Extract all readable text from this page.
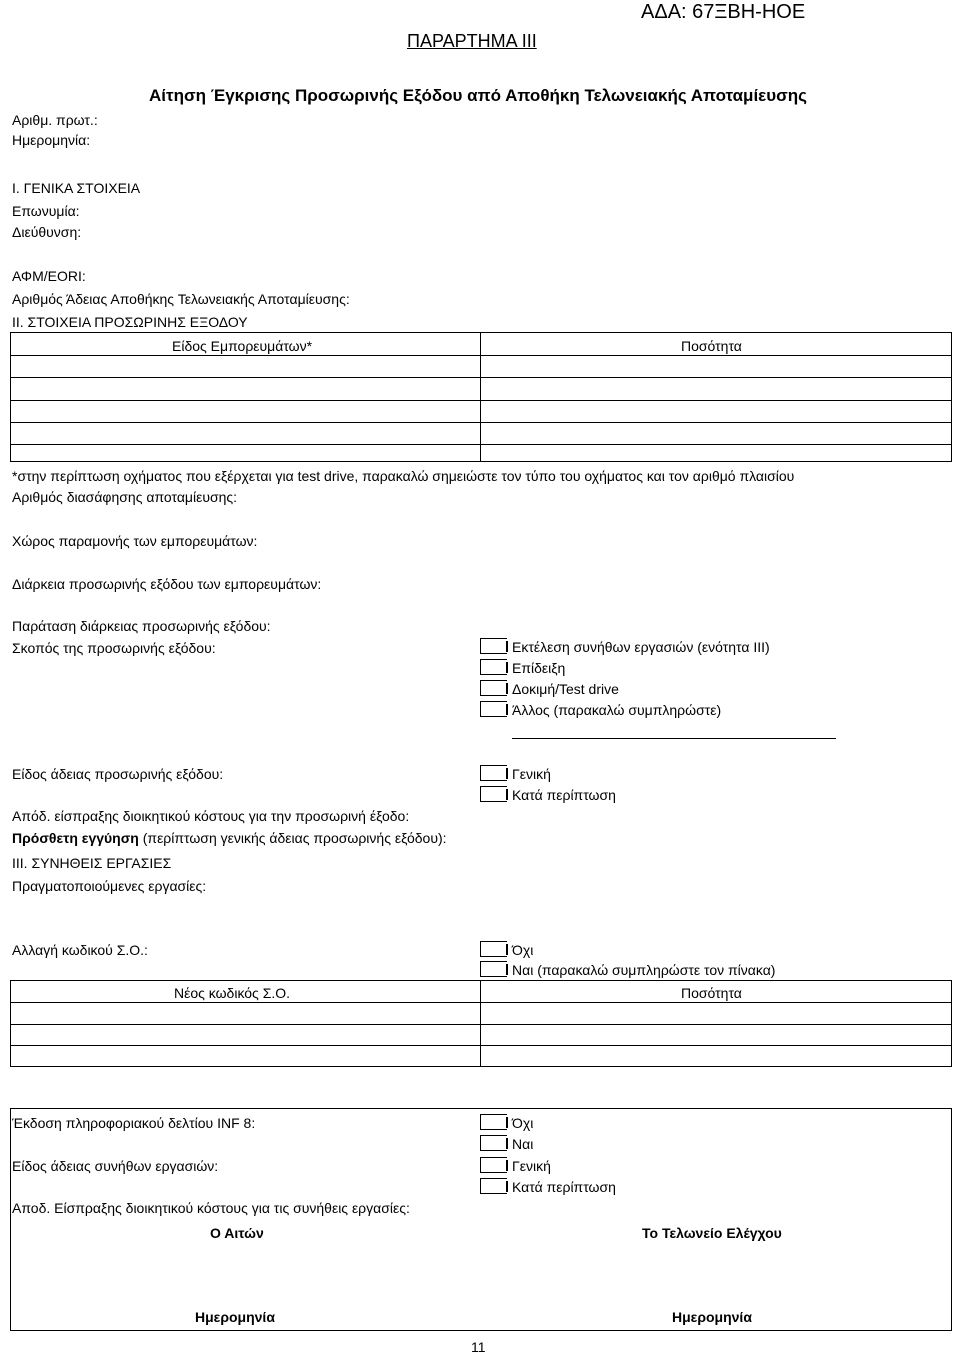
ΑΔΑ: 67ΞΒΗ-ΗΟΕ
ΠΑΡΑΡΤΗΜΑ ΙΙΙ
Αίτηση Έγκρισης Προσωρινής Εξόδου από Αποθήκη Τελωνειακής Αποταμίευσης
Αριθμ. πρωτ.:
Ημερομηνία:
Ι. ΓΕΝΙΚΑ ΣΤΟΙΧΕΙΑ
Επωνυμία:
Διεύθυνση:
ΑΦΜ/EORI:
Αριθμός Άδειας Αποθήκης Τελωνειακής Αποταμίευσης:
ΙΙ. ΣΤΟΙΧΕΙΑ ΠΡΟΣΩΡΙΝΗΣ ΕΞΟΔΟΥ
Είδος Εμπορευμάτων*	Ποσότητα
*στην περίπτωση οχήματος που εξέρχεται για test drive, παρακαλώ σημειώστε τον τύπο του οχήματος και τον αριθμό πλαισίου
Αριθμός διασάφησης αποταμίευσης:
Χώρος παραμονής των εμπορευμάτων:
Διάρκεια προσωρινής εξόδου των εμπορευμάτων:
Παράταση διάρκειας προσωρινής εξόδου:
Σκοπός της προσωρινής εξόδου:	Εκτέλεση συνήθων εργασιών (ενότητα ΙΙΙ)
Επίδειξη
Δοκιμή/Test drive
Άλλος (παρακαλώ συμπληρώστε)
Είδος άδειας προσωρινής εξόδου:	Γενική
Κατά περίπτωση
Απόδ. είσπραξης διοικητικού κόστους για την προσωρινή έξοδο:
Πρόσθετη εγγύηση (περίπτωση γενικής άδειας προσωρινής εξόδου):
ΙΙΙ. ΣΥΝΗΘΕΙΣ ΕΡΓΑΣΙΕΣ
Πραγματοποιούμενες εργασίες:
Αλλαγή κωδικού Σ.Ο.:	Όχι
Ναι (παρακαλώ συμπληρώστε τον πίνακα)
Νέος κωδικός Σ.Ο.	Ποσότητα
Έκδοση πληροφοριακού δελτίου INF 8:	Όχι
Ναι
Είδος άδειας συνήθων εργασιών:	Γενική
Κατά περίπτωση
Αποδ. Είσπραξης διοικητικού κόστους για τις συνήθεις εργασίες:
Ο Αιτών	Το Τελωνείο Ελέγχου
Ημερομηνία	Ημερομηνία
11
